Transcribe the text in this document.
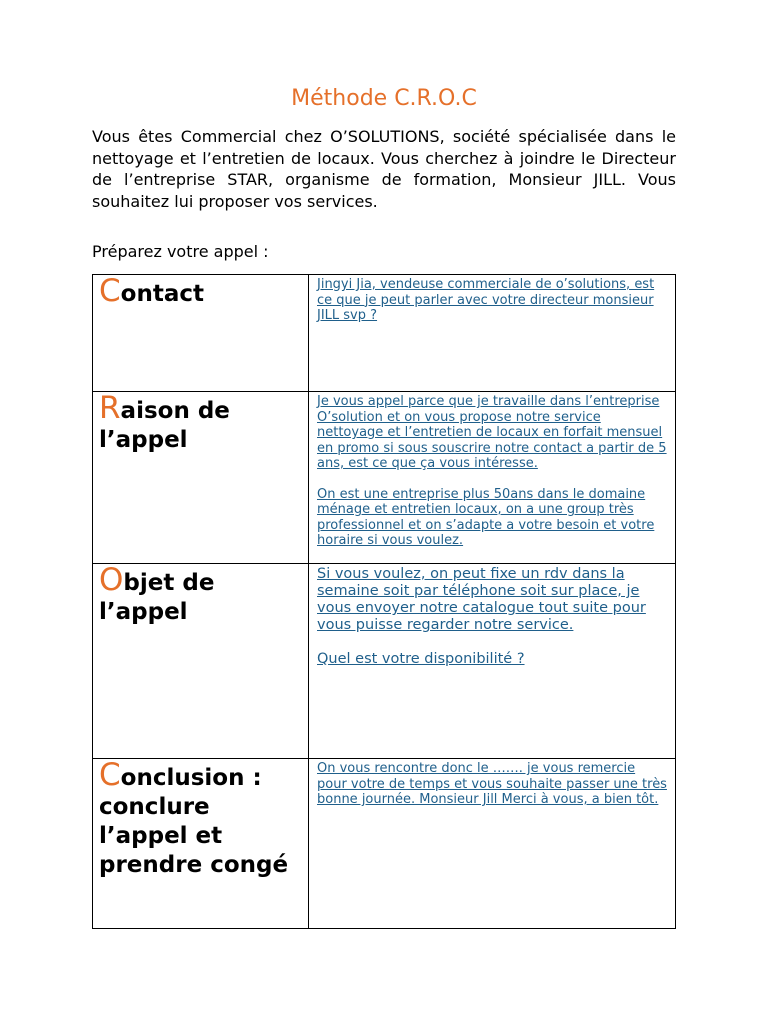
Méthode C.R.O.C

Vous êtes Commercial chez O’SOLUTIONS, société spécialisée dans le nettoyage et l’entretien de locaux. Vous cherchez à joindre le Directeur de l’entreprise STAR, organisme de formation, Monsieur JILL. Vous souhaitez lui proposer vos services.

Préparez votre appel :

Contact	Jingyi Jia, vendeuse commerciale de o’solutions, est ce que je peut parler avec votre directeur monsieur JILL svp ?

Raison de l’appel	Je vous appel parce que je travaille dans l’entreprise O’solution et on vous propose notre service nettoyage et l’entretien de locaux en forfait mensuel en promo si sous souscrire notre contact a partir de 5 ans, est ce que ça vous intéresse.

On est une entreprise plus 50ans dans le domaine ménage et entretien locaux, on a une group très professionnel et on s’adapte a votre besoin et votre horaire si vous voulez.

Objet de l’appel	Si vous voulez, on peut fixe un rdv dans la semaine soit par téléphone soit sur place, je vous envoyer notre catalogue tout suite pour vous puisse regarder notre service.

Quel est votre disponibilité ?

Conclusion : conclure l’appel et prendre congé	On vous rencontre donc le ……. je vous remercie pour votre de temps et vous souhaite passer une très bonne journée. Monsieur Jill Merci à vous, a bien tôt.
